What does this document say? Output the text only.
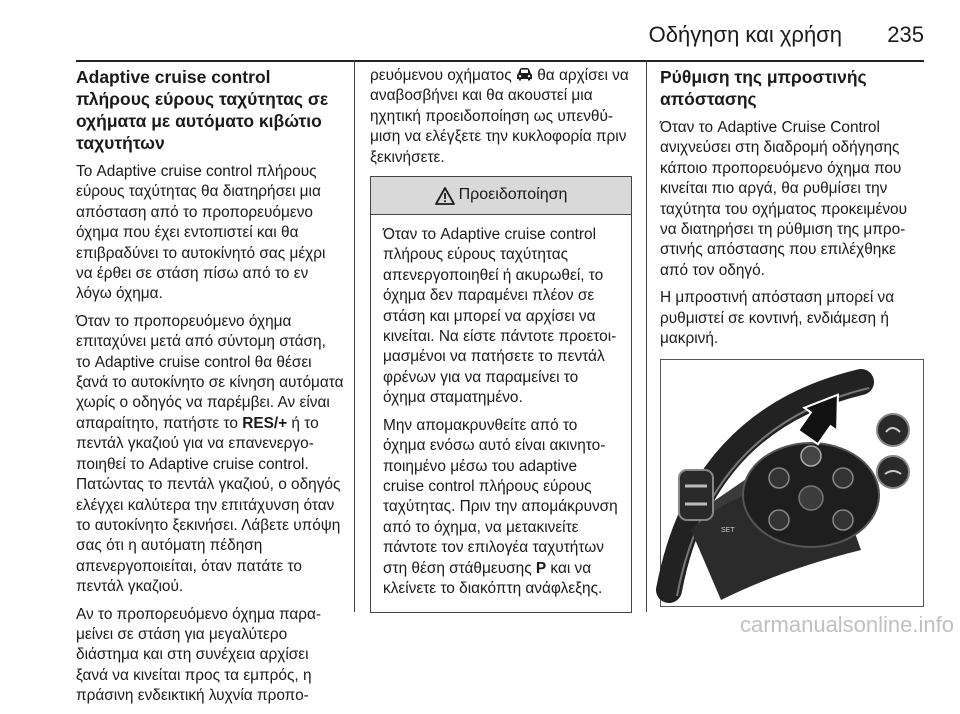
Οδήγηση και χρήση 235
Adaptive cruise control πλήρους εύρους ταχύτητας σε οχήματα με αυτόματο κιβώτιο ταχυτήτων

Το Adaptive cruise control πλήρους εύρους ταχύτητας θα διατηρήσει μια απόσταση από το προπορευόμενο όχημα που έχει εντοπιστεί και θα επιβραδύνει το αυτοκίνητό σας μέχρι να έρθει σε στάση πίσω από το εν λόγω όχημα.

Όταν το προπορευόμενο όχημα επιταχύνει μετά από σύντομη στάση, το Adaptive cruise control θα θέσει ξανά το αυτοκίνητο σε κίνηση αυτόματα χωρίς ο οδηγός να παρέμβει. Αν είναι απαραίτητο, πατήστε το RES/+ ή το πεντάλ γκαζιού για να επανενεργοποιηθεί το Adaptive cruise control. Πατώντας το πεντάλ γκαζιού, ο οδηγός ελέγχει καλύτερα την επιτάχυνση όταν το αυτοκίνητο ξεκινήσει. Λάβετε υπόψη σας ότι η αυτόματη πέδηση απενεργοποιείται, όταν πατάτε το πεντάλ γκαζιού.

Αν το προπορευόμενο όχημα παραμείνει σε στάση για μεγαλύτερο διάστημα και στη συνέχεια αρχίσει ξανά να κινείται προς τα εμπρός, η πράσινη ενδεικτική λυχνία προπο-

ρευόμενου οχήματος  θα αρχίσει να αναβοσβήνει και θα ακουστεί μια ηχητική προειδοποίηση ως υπενθύμιση να ελέγξετε την κυκλοφορία πριν ξεκινήσετε.

Προειδοποίηση

Όταν το Adaptive cruise control πλήρους εύρους ταχύτητας απενεργοποιηθεί ή ακυρωθεί, το όχημα δεν παραμένει πλέον σε στάση και μπορεί να αρχίσει να κινείται. Να είστε πάντοτε προετοιμασμένοι να πατήσετε το πεντάλ φρένων για να παραμείνει το όχημα σταματημένο.

Μην απομακρυνθείτε από το όχημα ενόσω αυτό είναι ακινητοποιημένο μέσω του adaptive cruise control πλήρους εύρους ταχύτητας. Πριν την απομάκρυνση από το όχημα, να μετακινείτε πάντοτε τον επιλογέα ταχυτήτων στη θέση στάθμευσης P και να κλείνετε το διακόπτη ανάφλεξης.

Ρύθμιση της μπροστινής απόστασης

Όταν το Adaptive Cruise Control ανιχνεύσει στη διαδρομή οδήγησης κάποιο προπορευόμενο όχημα που κινείται πιο αργά, θα ρυθμίσει την ταχύτητα του οχήματος προκειμένου να διατηρήσει τη ρύθμιση της μπροστινής απόστασης που επιλέχθηκε από τον οδηγό.

Η μπροστινή απόσταση μπορεί να ρυθμιστεί σε κοντινή, ενδιάμεση ή μακρινή.

SET
carmanualsonline.info
